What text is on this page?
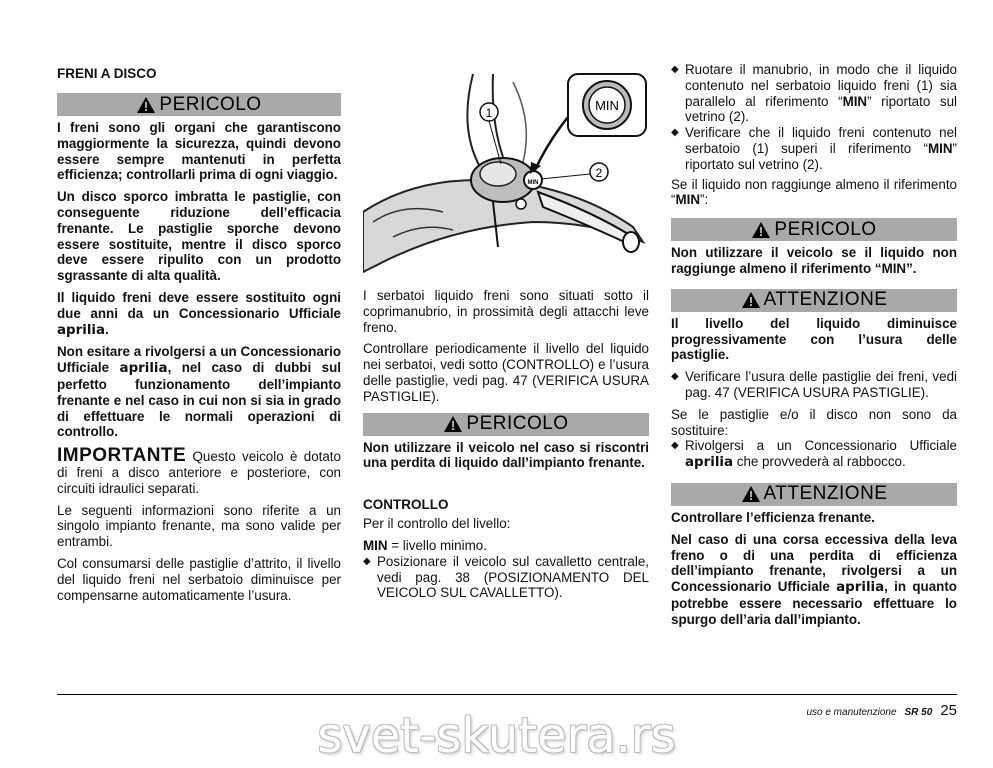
FRENI A DISCO
PERICOLO

I freni sono gli organi che garantiscono maggiormente la sicurezza, quindi devono essere sempre mantenuti in perfetta efficienza; controllarli prima di ogni viaggio.

Un disco sporco imbratta le pastiglie, con conseguente riduzione dell’efficacia frenante. Le pastiglie sporche devono essere sostituite, mentre il disco sporco deve essere ripulito con un prodotto sgrassante di alta qualità.

Il liquido freni deve essere sostituito ogni due anni da un Concessionario Ufficiale aprilia.

Non esitare a rivolgersi a un Concessionario Ufficiale aprilia, nel caso di dubbi sul perfetto funzionamento dell’impianto frenante e nel caso in cui non si sia in grado di effettuare le normali operazioni di controllo.

IMPORTANTE Questo veicolo è dotato di freni a disco anteriore e posteriore, con circuiti idraulici separati.

Le seguenti informazioni sono riferite a un singolo impianto frenante, ma sono valide per entrambi.

Col consumarsi delle pastiglie d’attrito, il livello del liquido freni nel serbatoio diminuisce per compensarne automaticamente l’usura.

MIN
MIN
1
2

I serbatoi liquido freni sono situati sotto il coprimanubrio, in prossimità degli attacchi leve freno.

Controllare periodicamente il livello del liquido nei serbatoi, vedi sotto (CONTROLLO) e l’usura delle pastiglie, vedi pag. 47 (VERIFICA USURA PASTIGLIE).

PERICOLO

Non utilizzare il veicolo nel caso si riscontri una perdita di liquido dall’impianto frenante.

CONTROLLO

Per il controllo del livello:

MIN = livello minimo.

◆ Posizionare il veicolo sul cavalletto centrale, vedi pag. 38 (POSIZIONAMENTO DEL VEICOLO SUL CAVALLETTO).
◆ Ruotare il manubrio, in modo che il liquido contenuto nel serbatoio liquido freni (1) sia parallelo al riferimento “MIN” riportato sul vetrino (2).
◆ Verificare che il liquido freni contenuto nel serbatoio (1) superi il riferimento “MIN” riportato sul vetrino (2).

Se il liquido non raggiunge almeno il riferimento “MIN”:

PERICOLO

Non utilizzare il veicolo se il liquido non raggiunge almeno il riferimento “MIN”.

ATTENZIONE

Il livello del liquido diminuisce progressivamente con l’usura delle pastiglie.

◆ Verificare l’usura delle pastiglie dei freni, vedi pag. 47 (VERIFICA USURA PASTIGLIE).

Se le pastiglie e/o il disco non sono da sostituire:

◆ Rivolgersi a un Concessionario Ufficiale aprilia che provvederà al rabbocco.
ATTENZIONE

Controllare l’efficienza frenante.

Nel caso di una corsa eccessiva della leva freno o di una perdita di efficienza dell’impianto frenante, rivolgersi a un Concessionario Ufficiale aprilia, in quanto potrebbe essere necessario effettuare lo spurgo dell’aria dall’impianto.

uso e manutenzione SR 50 25
svet-skutera.rs
